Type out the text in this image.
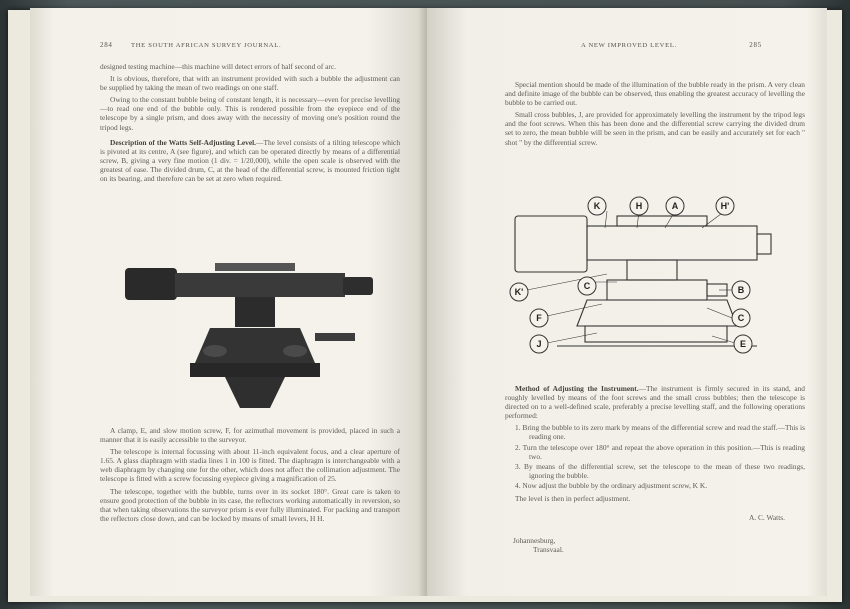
284	THE SOUTH AFRICAN SURVEY JOURNAL.

designed testing machine—this machine will detect errors of half second of arc.

It is obvious, therefore, that with an instrument provided with such a bubble the adjustment can be supplied by taking the mean of two readings on one staff.

Owing to the constant bubble being of constant length, it is necessary—even for precise levelling—to read one end of the bubble only. This is rendered possible from the eyepiece end of the telescope by a single prism, and does away with the necessity of moving one's position round the tripod legs.

Description of the Watts Self-Adjusting Level.—The level consists of a tilting telescope which is pivoted at its centre, A (see figure), and which can be operated directly by means of a differential screw, B, giving a very fine motion (1 div. = 1/20,000), while the open scale is observed with the greatest of ease. The divided drum, C, at the head of the differential screw, is mounted friction tight on its bearing, and therefore can be set at zero when required.

A clamp, E, and slow motion screw, F, for azimuthal movement is provided, placed in such a manner that it is easily accessible to the surveyor.

The telescope is internal focussing with about 11-inch equivalent focus, and a clear aperture of 1.65. A glass diaphragm with stadia lines 1 in 100 is fitted. The diaphragm is interchangeable with a web diaphragm by changing one for the other, which does not affect the collimation adjustment. The telescope is fitted with a screw focussing eyepiece giving a magnification of 25.

The telescope, together with the bubble, turns over in its socket 180°. Great care is taken to ensure good protection of the bubble in its case, the reflectors working automatically in reversion, so that when taking observations the surveyor prism is ever fully illuminated. For packing and transport the reflectors close down, and can be locked by means of small levers, H H.

A NEW IMPROVED LEVEL.	285

Special mention should be made of the illumination of the bubble ready in the prism. A very clean and definite image of the bubble can be observed, thus enabling the greatest accuracy of levelling the bubble to be carried out.

Small cross bubbles, J, are provided for approximately levelling the instrument by the tripod legs and the foot screws. When this has been done and the differential screw carrying the divided drum set to zero, the mean bubble will be seen in the prism, and can be easily and accurately set for each " shot " by the differential screw.

K	H	A	H'
K'
C	B
F	C
J	E

Method of Adjusting the Instrument.—The instrument is firmly secured in its stand, and roughly levelled by means of the foot screws and the small cross bubbles; then the telescope is directed on to a well-defined scale, preferably a precise levelling staff, and the following operations performed:

1. Bring the bubble to its zero mark by means of the differential screw and read the staff.—This is reading one.
2. Turn the telescope over 180° and repeat the above operation in this position.—This is reading two.
3. By means of the differential screw, set the telescope to the mean of these two readings, ignoring the bubble.
4. Now adjust the bubble by the ordinary adjustment screw, K K.

The level is then in perfect adjustment.

A. C. Watts.
Johannesburg,
Transvaal.
